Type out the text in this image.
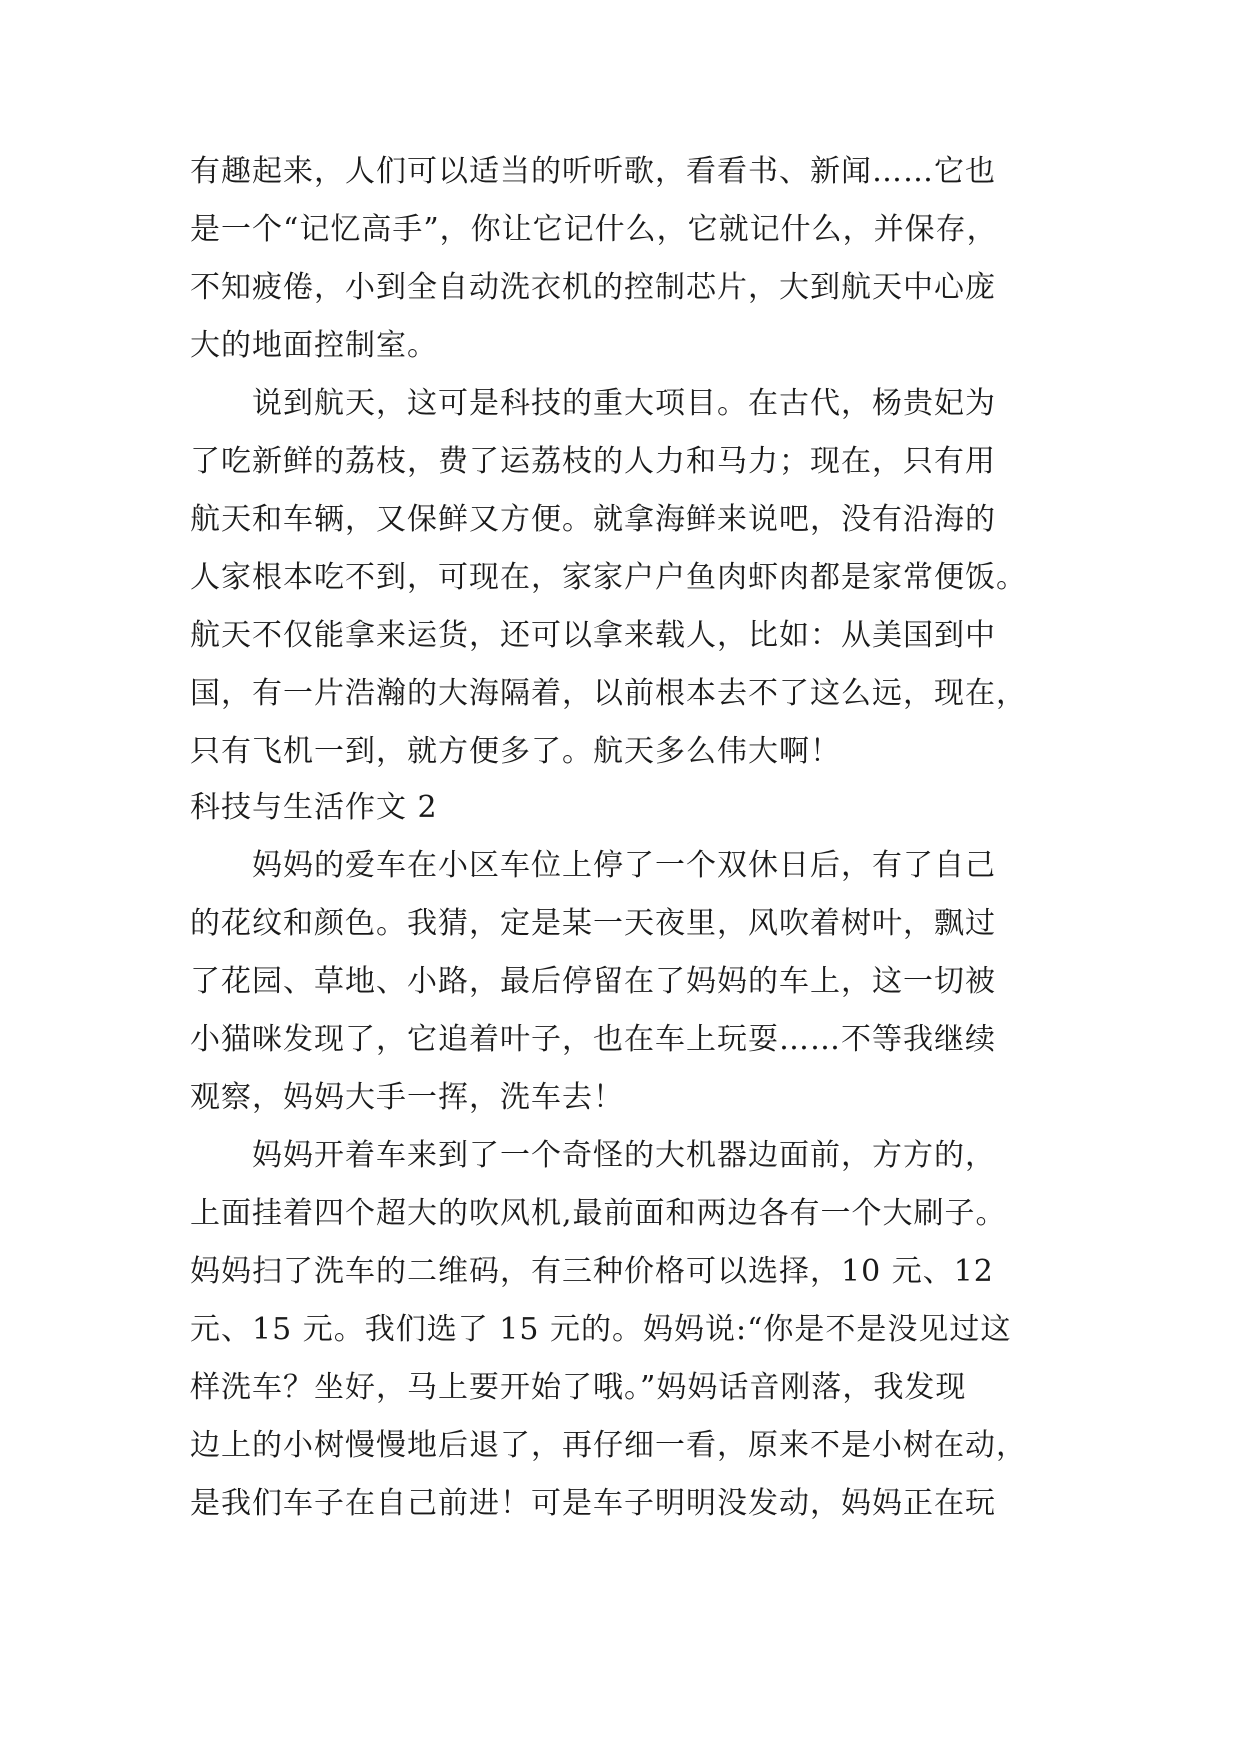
有趣起来，人们可以适当的听听歌，看看书、新闻……它也
是一个“记忆高手”，你让它记什么，它就记什么，并保存，
不知疲倦，小到全自动洗衣机的控制芯片，大到航天中心庞
大的地面控制室。
说到航天，这可是科技的重大项目。在古代，杨贵妃为
了吃新鲜的荔枝，费了运荔枝的人力和马力；现在，只有用
航天和车辆，又保鲜又方便。就拿海鲜来说吧，没有沿海的
人家根本吃不到，可现在，家家户户鱼肉虾肉都是家常便饭。
航天不仅能拿来运货，还可以拿来载人，比如：从美国到中
国，有一片浩瀚的大海隔着，以前根本去不了这么远，现在，
只有飞机一到，就方便多了。航天多么伟大啊！
科技与生活作文 2
妈妈的爱车在小区车位上停了一个双休日后，有了自己
的花纹和颜色。我猜，定是某一天夜里，风吹着树叶，飘过
了花园、草地、小路，最后停留在了妈妈的车上，这一切被
小猫咪发现了，它追着叶子，也在车上玩耍……不等我继续
观察，妈妈大手一挥，洗车去！
妈妈开着车来到了一个奇怪的大机器边面前，方方的，
上面挂着四个超大的吹风机,最前面和两边各有一个大刷子。
妈妈扫了洗车的二维码，有三种价格可以选择，10 元、12
元、15 元。我们选了 15 元的。妈妈说:“你是不是没见过这
样洗车？坐好，马上要开始了哦。”妈妈话音刚落，我发现
边上的小树慢慢地后退了，再仔细一看，原来不是小树在动，
是我们车子在自己前进！可是车子明明没发动，妈妈正在玩
